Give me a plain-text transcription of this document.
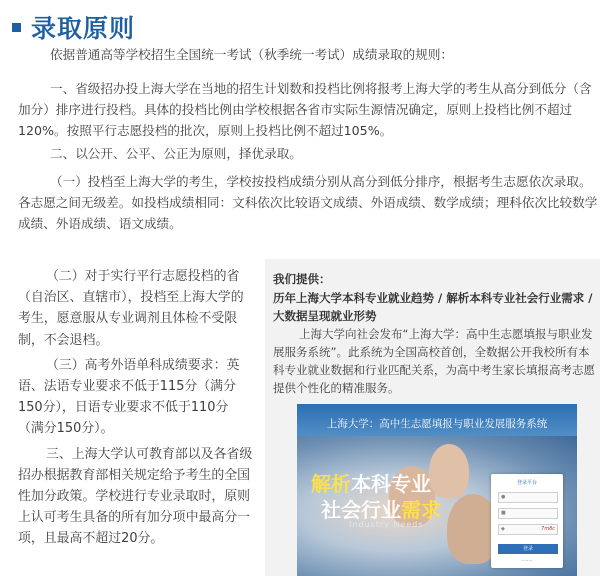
录取原则

依据普通高等学校招生全国统一考试（秋季统一考试）成绩录取的规则：

一、省级招办投上海大学在当地的招生计划数和投档比例将报考上海大学的考生从高分到低分（含加分）排序进行投档。具体的投档比例由学校根据各省市实际生源情况确定，原则上投档比例不超过120%。按照平行志愿投档的批次，原则上投档比例不超过105%。

二、以公开、公平、公正为原则，择优录取。

（一）投档至上海大学的考生，学校按投档成绩分别从高分到低分排序，根据考生志愿依次录取。各志愿之间无级差。如投档成绩相同：文科依次比较语文成绩、外语成绩、数学成绩；理科依次比较数学成绩、外语成绩、语文成绩。

（二）对于实行平行志愿投档的省（自治区、直辖市），投档至上海大学的考生，愿意服从专业调剂且体检不受限制，不会退档。

（三）高考外语单科成绩要求：英语、法语专业要求不低于115分（满分150分），日语专业要求不低于110分（满分150分）。

三、上海大学认可教育部以及各省级招办根据教育部相关规定给予考生的全国性加分政策。学校进行专业录取时，原则上认可考生具备的所有加分项中最高分一项，且最高不超过20分。

我们提供：
历年上海大学本科专业就业趋势 / 解析本科专业社会行业需求 / 大数据呈现就业形势
上海大学向社会发布“上海大学：高中生志愿填报与职业发展服务系统”。此系统为全国高校首创，全数据公开我校所有本科专业就业数据和行业匹配关系，为高中考生家长填报高考志愿提供个性化的精准服务。
上海大学：高中生志愿填报与职业发展服务系统
解析本科专业
社会行业需求
Industry Needs
登录平台
●
■
◆	7m8c
登录
─ ─ ─
